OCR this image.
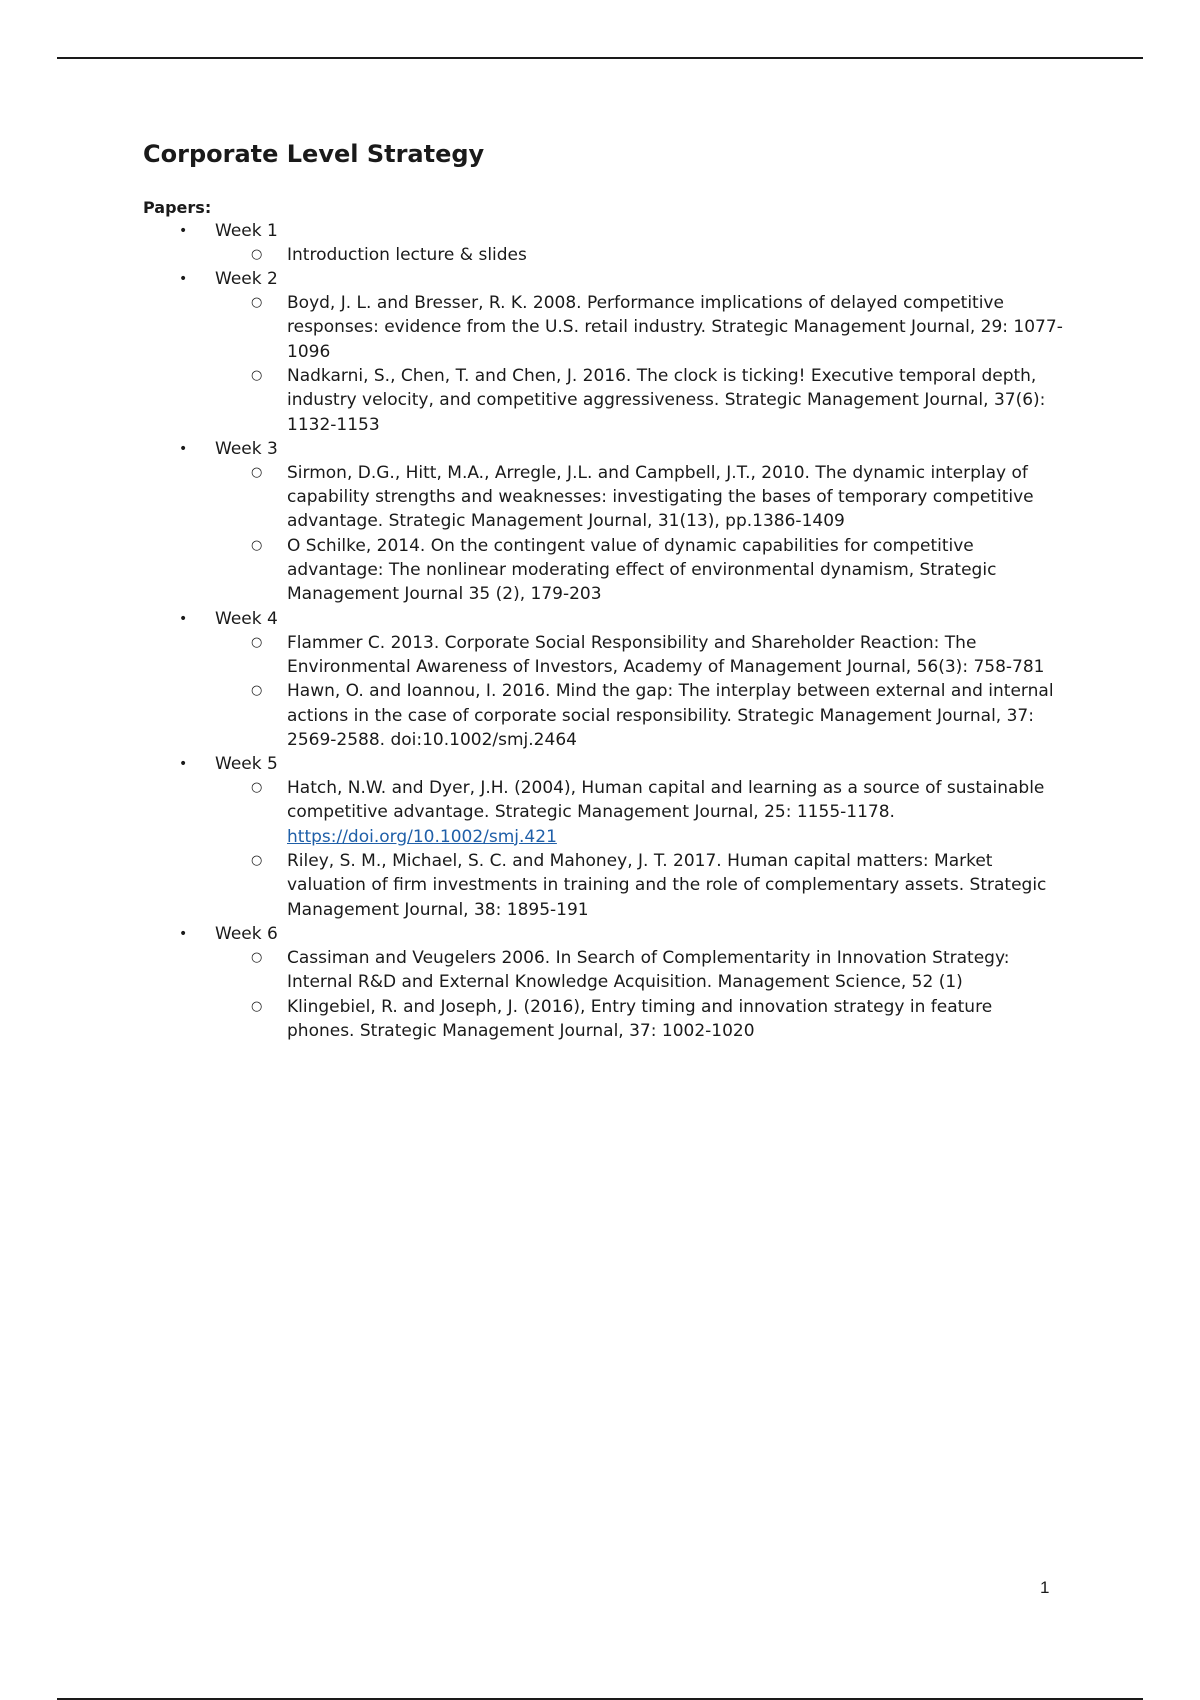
Corporate Level Strategy

Papers:

• Week 1
○ Introduction lecture & slides
• Week 2
○ Boyd, J. L. and Bresser, R. K. 2008. Performance implications of delayed competitive responses: evidence from the U.S. retail industry. Strategic Management Journal, 29: 1077-1096
○ Nadkarni, S., Chen, T. and Chen, J. 2016. The clock is ticking! Executive temporal depth, industry velocity, and competitive aggressiveness. Strategic Management Journal, 37(6): 1132-1153
• Week 3
○ Sirmon, D.G., Hitt, M.A., Arregle, J.L. and Campbell, J.T., 2010. The dynamic interplay of capability strengths and weaknesses: investigating the bases of temporary competitive advantage. Strategic Management Journal, 31(13), pp.1386-1409
○ O Schilke, 2014. On the contingent value of dynamic capabilities for competitive advantage: The nonlinear moderating effect of environmental dynamism, Strategic Management Journal 35 (2), 179-203
• Week 4
○ Flammer C. 2013. Corporate Social Responsibility and Shareholder Reaction: The Environmental Awareness of Investors, Academy of Management Journal, 56(3): 758-781
○ Hawn, O. and Ioannou, I. 2016. Mind the gap: The interplay between external and internal actions in the case of corporate social responsibility. Strategic Management Journal, 37: 2569-2588. doi:10.1002/smj.2464
• Week 5
○ Hatch, N.W. and Dyer, J.H. (2004), Human capital and learning as a source of sustainable competitive advantage. Strategic Management Journal, 25: 1155-1178. https://doi.org/10.1002/smj.421
○ Riley, S. M., Michael, S. C. and Mahoney, J. T. 2017. Human capital matters: Market valuation of firm investments in training and the role of complementary assets. Strategic Management Journal, 38: 1895-191
• Week 6
○ Cassiman and Veugelers 2006. In Search of Complementarity in Innovation Strategy: Internal R&D and External Knowledge Acquisition. Management Science, 52 (1)
○ Klingebiel, R. and Joseph, J. (2016), Entry timing and innovation strategy in feature phones. Strategic Management Journal, 37: 1002-1020
1
